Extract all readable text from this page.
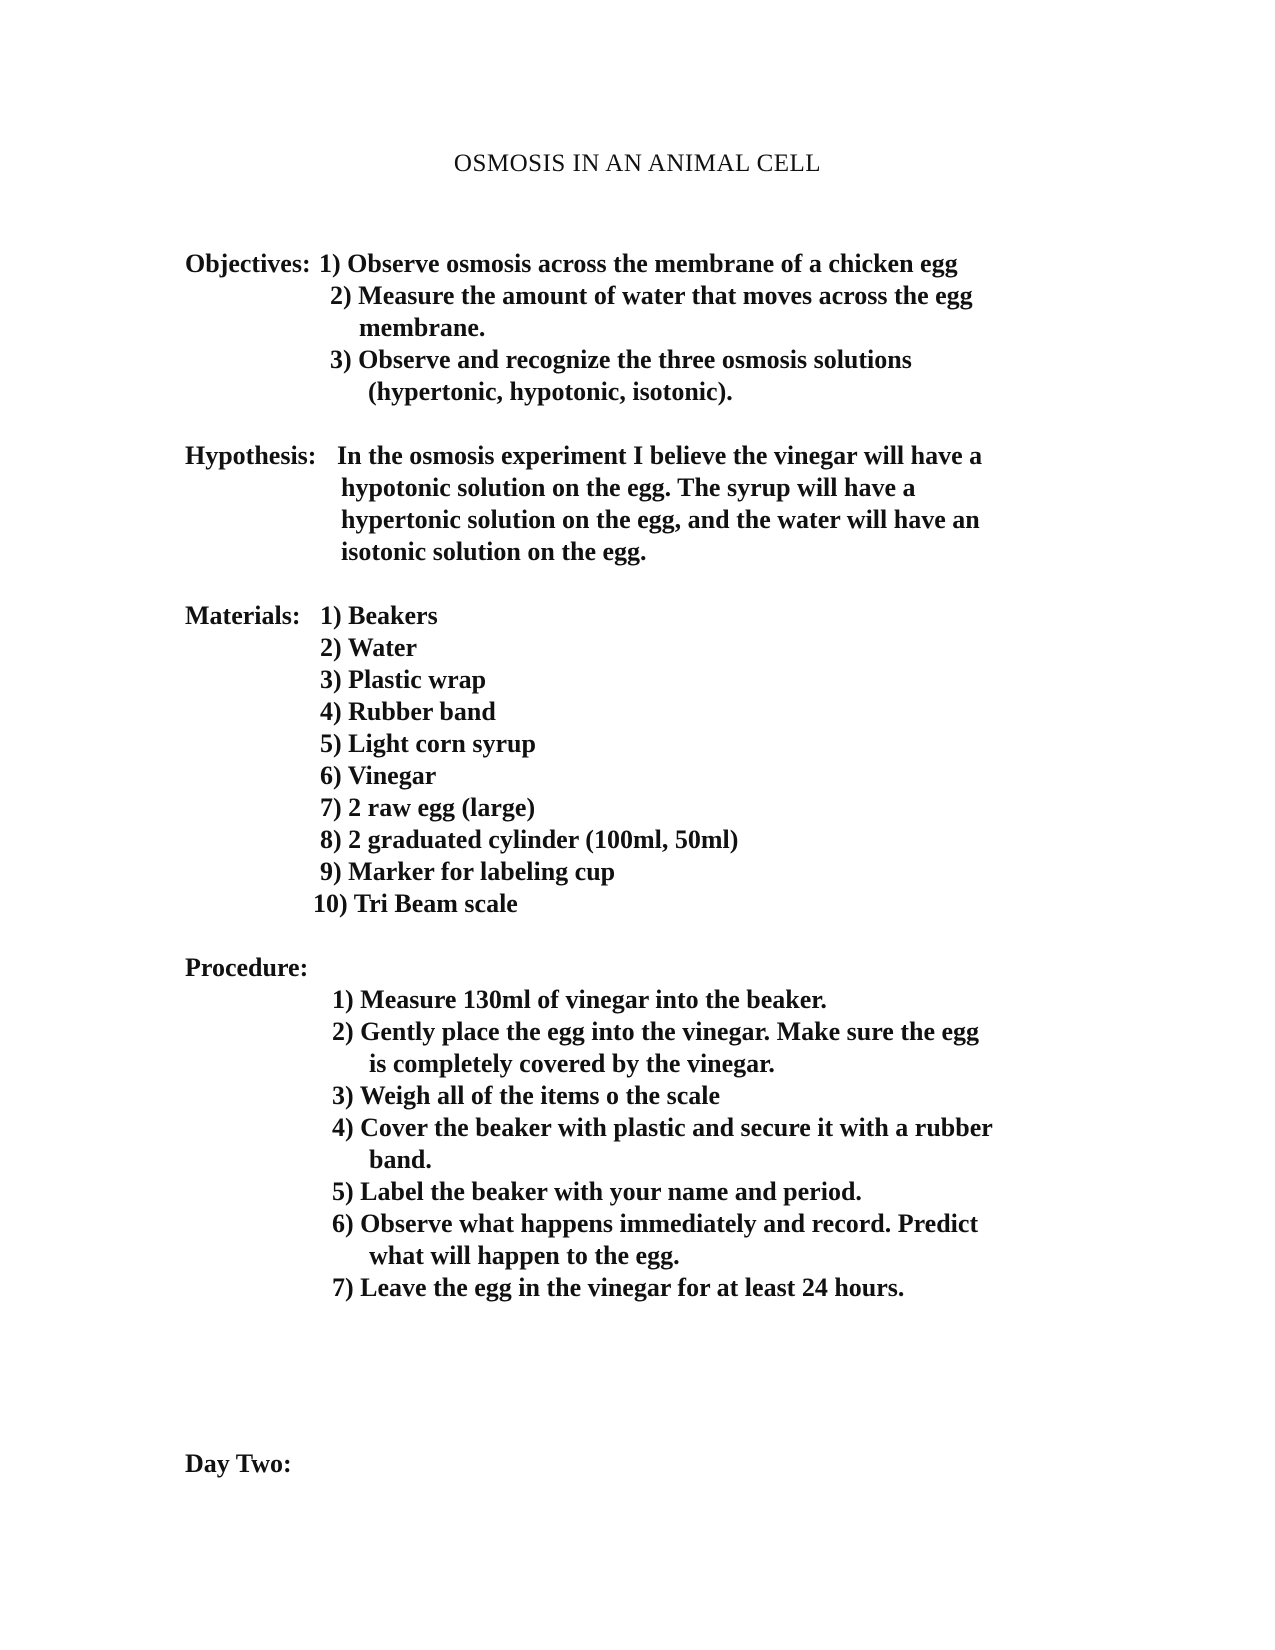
OSMOSIS IN AN ANIMAL CELL

Objectives: 1) Observe osmosis across the membrane of a chicken egg

2) Measure the amount of water that moves across the egg

membrane.

3) Observe and recognize the three osmosis solutions

(hypertonic, hypotonic, isotonic).

Hypothesis: In the osmosis experiment I believe the vinegar will have a

hypotonic solution on the egg. The syrup will have a

hypertonic solution on the egg, and the water will have an

isotonic solution on the egg.

Materials: 1) Beakers

2) Water

3) Plastic wrap

4) Rubber band

5) Light corn syrup

6) Vinegar

7) 2 raw egg (large)

8) 2 graduated cylinder (100ml, 50ml)

9) Marker for labeling cup

10) Tri Beam scale

Procedure:

1) Measure 130ml of vinegar into the beaker.

2) Gently place the egg into the vinegar. Make sure the egg

is completely covered by the vinegar.

3) Weigh all of the items o the scale

4) Cover the beaker with plastic and secure it with a rubber

band.

5) Label the beaker with your name and period.

6) Observe what happens immediately and record. Predict

what will happen to the egg.

7) Leave the egg in the vinegar for at least 24 hours.

Day Two:
